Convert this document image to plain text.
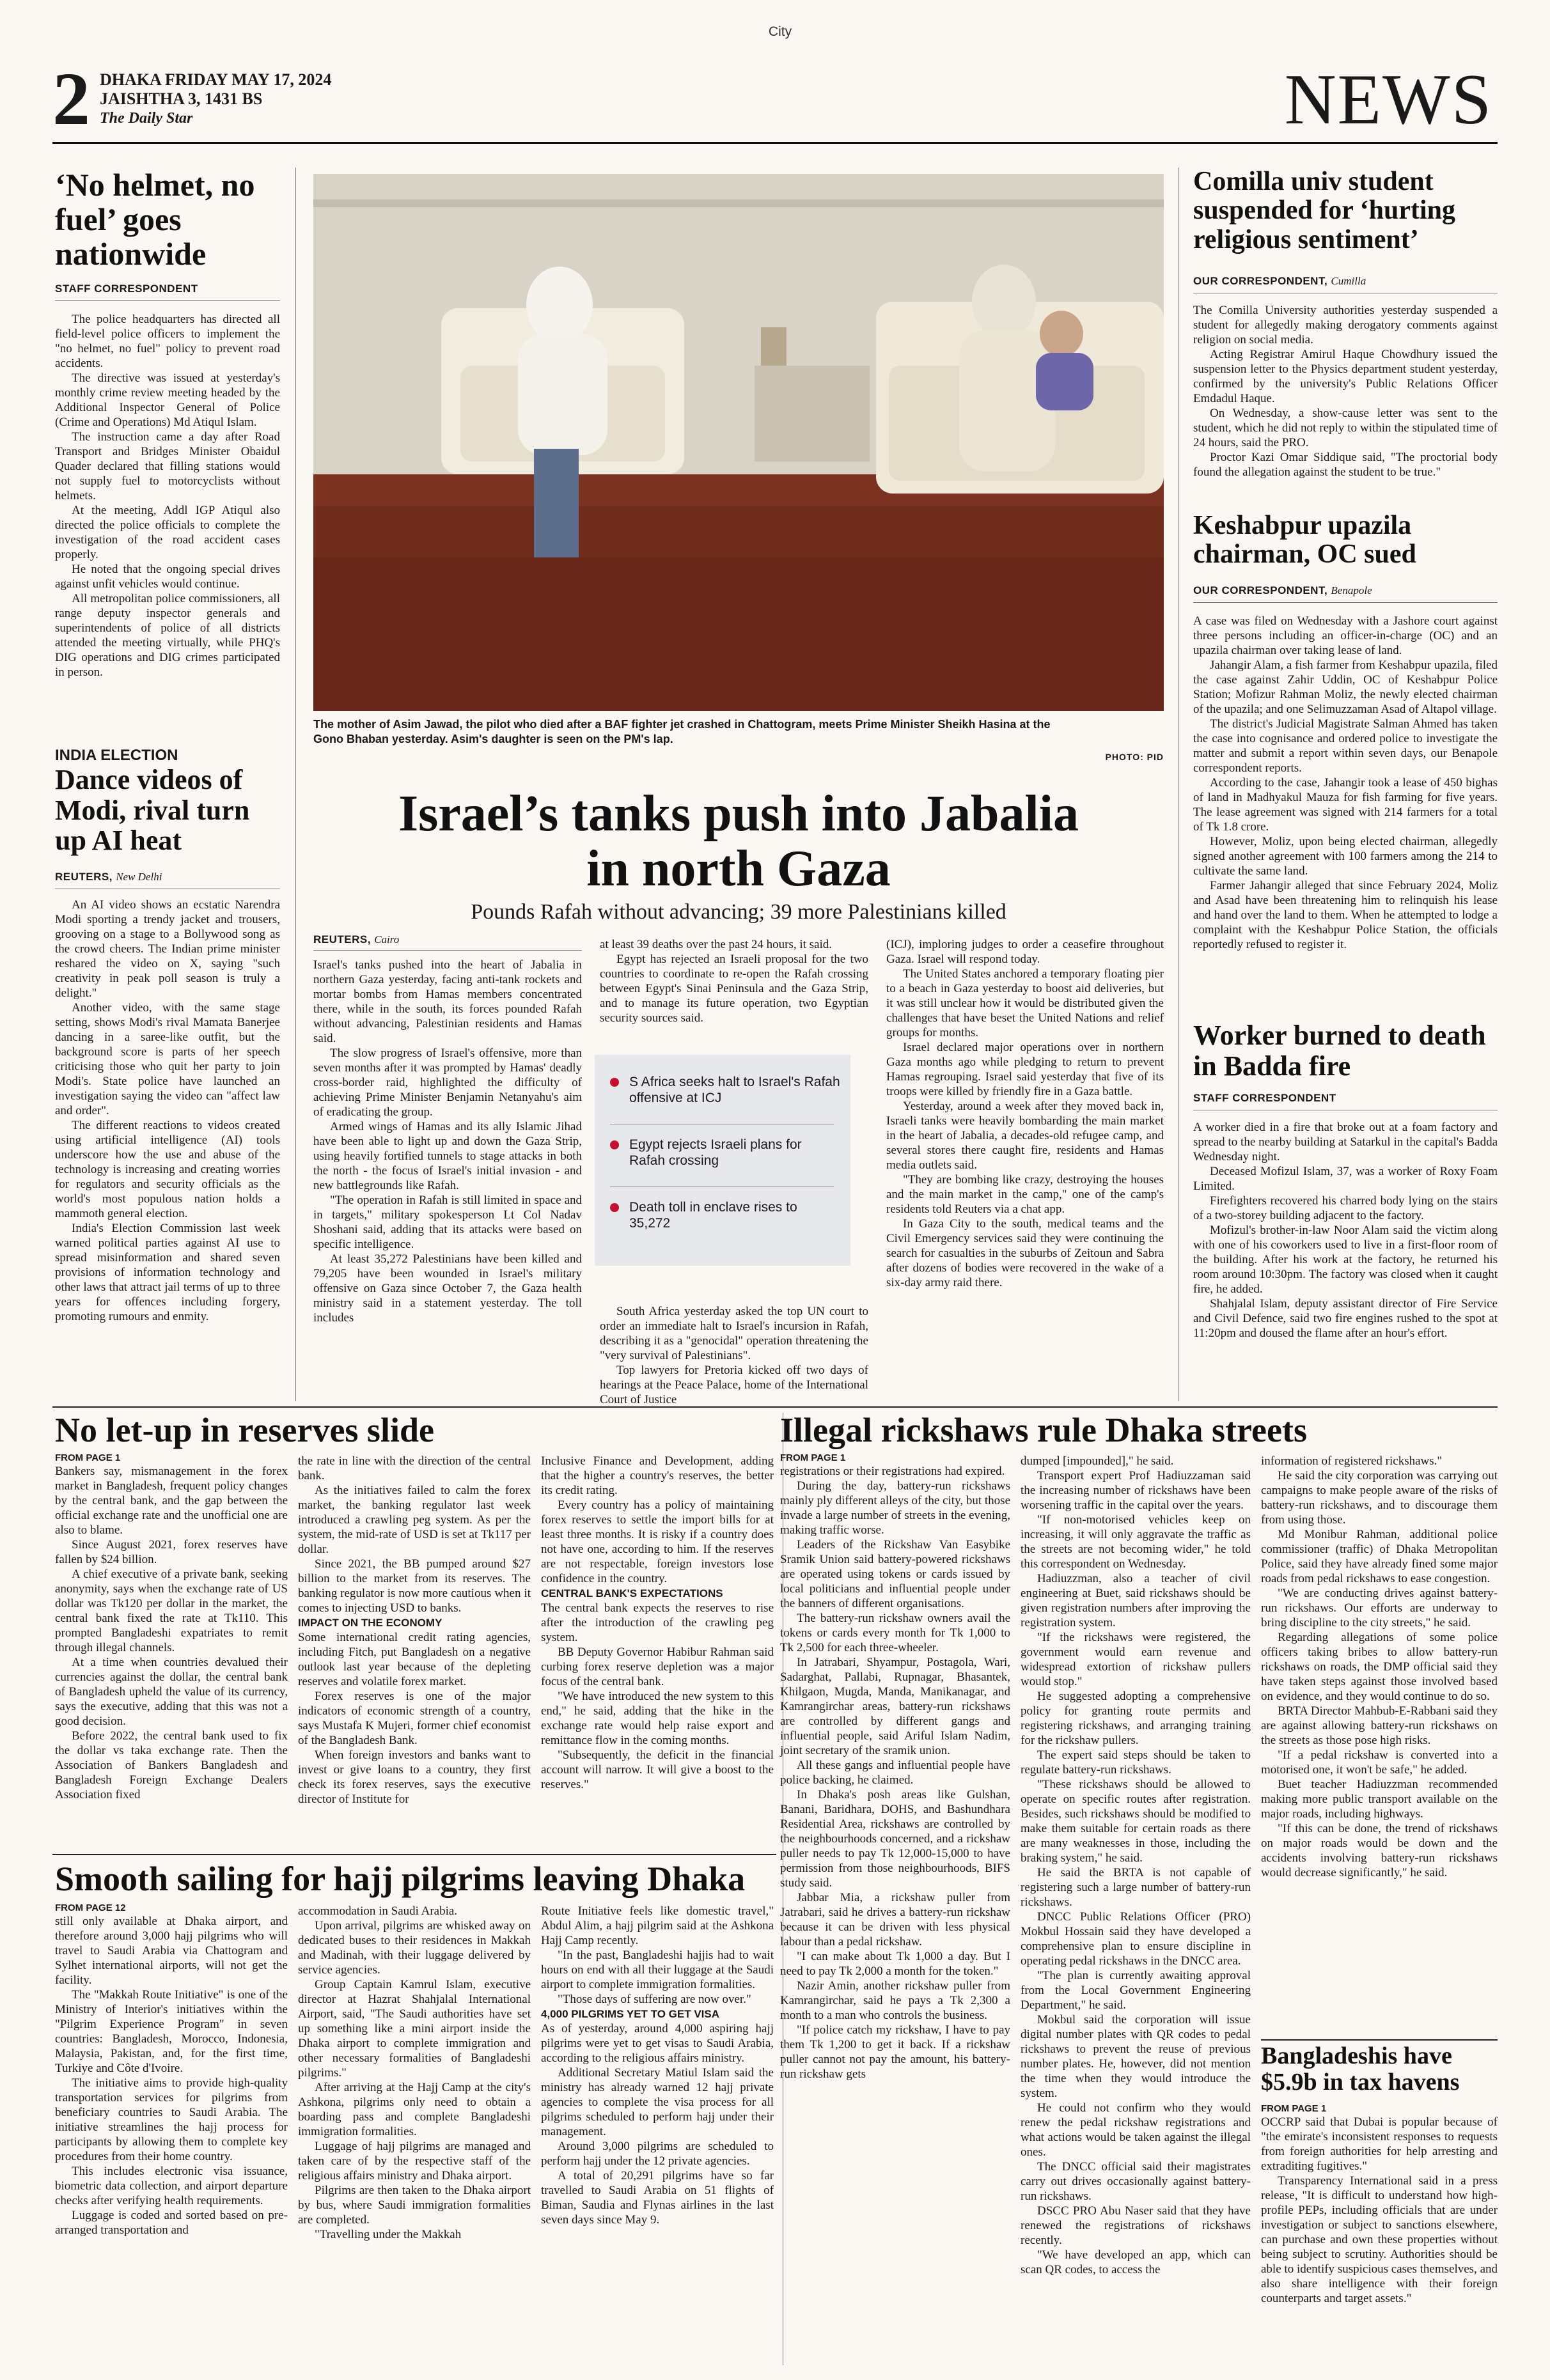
City
2 DHAKA FRIDAY MAY 17, 2024
JAISHTHA 3, 1431 BS
The Daily Star	NEWS
‘No helmet, no fuel’ goes nationwide
STAFF CORRESPONDENT

The police headquarters has directed all field-level police officers to implement the "no helmet, no fuel" policy to prevent road accidents.

The directive was issued at yesterday's monthly crime review meeting headed by the Additional Inspector General of Police (Crime and Operations) Md Atiqul Islam.

The instruction came a day after Road Transport and Bridges Minister Obaidul Quader declared that filling stations would not supply fuel to motorcyclists without helmets.

At the meeting, Addl IGP Atiqul also directed the police officials to complete the investigation of the road accident cases properly.

He noted that the ongoing special drives against unfit vehicles would continue.

All metropolitan police commissioners, all range deputy inspector generals and superintendents of police of all districts attended the meeting virtually, while PHQ's DIG operations and DIG crimes participated in person.

INDIA ELECTION
Dance videos of Modi, rival turn up AI heat
REUTERS, New Delhi

An AI video shows an ecstatic Narendra Modi sporting a trendy jacket and trousers, grooving on a stage to a Bollywood song as the crowd cheers. The Indian prime minister reshared the video on X, saying "such creativity in peak poll season is truly a delight."

Another video, with the same stage setting, shows Modi's rival Mamata Banerjee dancing in a saree-like outfit, but the background score is parts of her speech criticising those who quit her party to join Modi's. State police have launched an investigation saying the video can "affect law and order".

The different reactions to videos created using artificial intelligence (AI) tools underscore how the use and abuse of the technology is increasing and creating worries for regulators and security officials as the world's most populous nation holds a mammoth general election.

India's Election Commission last week warned political parties against AI use to spread misinformation and shared seven provisions of information technology and other laws that attract jail terms of up to three years for offences including forgery, promoting rumours and enmity.

The mother of Asim Jawad, the pilot who died after a BAF fighter jet crashed in Chattogram, meets Prime Minister Sheikh Hasina at the Gono Bhaban yesterday. Asim's daughter is seen on the PM's lap.
PHOTO: PID
Israel’s tanks push into Jabalia in north Gaza
Pounds Rafah without advancing; 39 more Palestinians killed
REUTERS, Cairo

Israel's tanks pushed into the heart of Jabalia in northern Gaza yesterday, facing anti-tank rockets and mortar bombs from Hamas members concentrated there, while in the south, its forces pounded Rafah without advancing, Palestinian residents and Hamas said.

The slow progress of Israel's offensive, more than seven months after it was prompted by Hamas' deadly cross-border raid, highlighted the difficulty of achieving Prime Minister Benjamin Netanyahu's aim of eradicating the group.

Armed wings of Hamas and its ally Islamic Jihad have been able to light up and down the Gaza Strip, using heavily fortified tunnels to stage attacks in both the north - the focus of Israel's initial invasion - and new battlegrounds like Rafah.

"The operation in Rafah is still limited in space and in targets," military spokesperson Lt Col Nadav Shoshani said, adding that its attacks were based on specific intelligence.

At least 35,272 Palestinians have been killed and 79,205 have been wounded in Israel's military offensive on Gaza since October 7, the Gaza health ministry said in a statement yesterday. The toll includes

at least 39 deaths over the past 24 hours, it said.

Egypt has rejected an Israeli proposal for the two countries to coordinate to re-open the Rafah crossing between Egypt's Sinai Peninsula and the Gaza Strip, and to manage its future operation, two Egyptian security sources said.

S Africa seeks halt to Israel's Rafah offensive at ICJ
Egypt rejects Israeli plans for Rafah crossing
Death toll in enclave rises to 35,272

South Africa yesterday asked the top UN court to order an immediate halt to Israel's incursion in Rafah, describing it as a "genocidal" operation threatening the "very survival of Palestinians".

Top lawyers for Pretoria kicked off two days of hearings at the Peace Palace, home of the International Court of Justice

(ICJ), imploring judges to order a ceasefire throughout Gaza. Israel will respond today.

The United States anchored a temporary floating pier to a beach in Gaza yesterday to boost aid deliveries, but it was still unclear how it would be distributed given the challenges that have beset the United Nations and relief groups for months.

Israel declared major operations over in northern Gaza months ago while pledging to return to prevent Hamas regrouping. Israel said yesterday that five of its troops were killed by friendly fire in a Gaza battle.

Yesterday, around a week after they moved back in, Israeli tanks were heavily bombarding the main market in the heart of Jabalia, a decades-old refugee camp, and several stores there caught fire, residents and Hamas media outlets said.

"They are bombing like crazy, destroying the houses and the main market in the camp," one of the camp's residents told Reuters via a chat app.

In Gaza City to the south, medical teams and the Civil Emergency services said they were continuing the search for casualties in the suburbs of Zeitoun and Sabra after dozens of bodies were recovered in the wake of a six-day army raid there.

Comilla univ student suspended for ‘hurting religious sentiment’
OUR CORRESPONDENT, Cumilla

The Comilla University authorities yesterday suspended a student for allegedly making derogatory comments against religion on social media.

Acting Registrar Amirul Haque Chowdhury issued the suspension letter to the Physics department student yesterday, confirmed by the university's Public Relations Officer Emdadul Haque.

On Wednesday, a show-cause letter was sent to the student, which he did not reply to within the stipulated time of 24 hours, said the PRO.

Proctor Kazi Omar Siddique said, "The proctorial body found the allegation against the student to be true."

Keshabpur upazila chairman, OC sued
OUR CORRESPONDENT, Benapole

A case was filed on Wednesday with a Jashore court against three persons including an officer-in-charge (OC) and an upazila chairman over taking lease of land.

Jahangir Alam, a fish farmer from Keshabpur upazila, filed the case against Zahir Uddin, OC of Keshabpur Police Station; Mofizur Rahman Moliz, the newly elected chairman of the upazila; and one Selimuzzaman Asad of Altapol village.

The district's Judicial Magistrate Salman Ahmed has taken the case into cognisance and ordered police to investigate the matter and submit a report within seven days, our Benapole correspondent reports.

According to the case, Jahangir took a lease of 450 bighas of land in Madhyakul Mauza for fish farming for five years. The lease agreement was signed with 214 farmers for a total of Tk 1.8 crore.

However, Moliz, upon being elected chairman, allegedly signed another agreement with 100 farmers among the 214 to cultivate the same land.

Farmer Jahangir alleged that since February 2024, Moliz and Asad have been threatening him to relinquish his lease and hand over the land to them. When he attempted to lodge a complaint with the Keshabpur Police Station, the officials reportedly refused to register it.

Worker burned to death in Badda fire
STAFF CORRESPONDENT

A worker died in a fire that broke out at a foam factory and spread to the nearby building at Satarkul in the capital's Badda Wednesday night.

Deceased Mofizul Islam, 37, was a worker of Roxy Foam Limited.

Firefighters recovered his charred body lying on the stairs of a two-storey building adjacent to the factory.

Mofizul's brother-in-law Noor Alam said the victim along with one of his coworkers used to live in a first-floor room of the building. After his work at the factory, he returned his room around 10:30pm. The factory was closed when it caught fire, he added.

Shahjalal Islam, deputy assistant director of Fire Service and Civil Defence, said two fire engines rushed to the spot at 11:20pm and doused the flame after an hour's effort.

No let-up in reserves slide
FROM PAGE 1

Bankers say, mismanagement in the forex market in Bangladesh, frequent policy changes by the central bank, and the gap between the official exchange rate and the unofficial one are also to blame.

Since August 2021, forex reserves have fallen by $24 billion.

A chief executive of a private bank, seeking anonymity, says when the exchange rate of US dollar was Tk120 per dollar in the market, the central bank fixed the rate at Tk110. This prompted Bangladeshi expatriates to remit through illegal channels.

At a time when countries devalued their currencies against the dollar, the central bank of Bangladesh upheld the value of its currency, says the executive, adding that this was not a good decision.

Before 2022, the central bank used to fix the dollar vs taka exchange rate. Then the Association of Bankers Bangladesh and Bangladesh Foreign Exchange Dealers Association fixed

the rate in line with the direction of the central bank.

As the initiatives failed to calm the forex market, the banking regulator last week introduced a crawling peg system. As per the system, the mid-rate of USD is set at Tk117 per dollar.

Since 2021, the BB pumped around $27 billion to the market from its reserves. The banking regulator is now more cautious when it comes to injecting USD to banks.

IMPACT ON THE ECONOMY

Some international credit rating agencies, including Fitch, put Bangladesh on a negative outlook last year because of the depleting reserves and volatile forex market.

Forex reserves is one of the major indicators of economic strength of a country, says Mustafa K Mujeri, former chief economist of the Bangladesh Bank.

When foreign investors and banks want to invest or give loans to a country, they first check its forex reserves, says the executive director of Institute for

Inclusive Finance and Development, adding that the higher a country's reserves, the better its credit rating.

Every country has a policy of maintaining forex reserves to settle the import bills for at least three months. It is risky if a country does not have one, according to him. If the reserves are not respectable, foreign investors lose confidence in the country.

CENTRAL BANK'S EXPECTATIONS

The central bank expects the reserves to rise after the introduction of the crawling peg system.

BB Deputy Governor Habibur Rahman said curbing forex reserve depletion was a major focus of the central bank.

"We have introduced the new system to this end," he said, adding that the hike in the exchange rate would help raise export and remittance flow in the coming months.

"Subsequently, the deficit in the financial account will narrow. It will give a boost to the reserves."

Smooth sailing for hajj pilgrims leaving Dhaka
FROM PAGE 12

still only available at Dhaka airport, and therefore around 3,000 hajj pilgrims who will travel to Saudi Arabia via Chattogram and Sylhet international airports, will not get the facility.

The "Makkah Route Initiative" is one of the Ministry of Interior's initiatives within the "Pilgrim Experience Program" in seven countries: Bangladesh, Morocco, Indonesia, Malaysia, Pakistan, and, for the first time, Turkiye and Côte d'Ivoire.

The initiative aims to provide high-quality transportation services for pilgrims from beneficiary countries to Saudi Arabia. The initiative streamlines the hajj process for participants by allowing them to complete key procedures from their home country.

This includes electronic visa issuance, biometric data collection, and airport departure checks after verifying health requirements.

Luggage is coded and sorted based on pre-arranged transportation and

accommodation in Saudi Arabia.

Upon arrival, pilgrims are whisked away on dedicated buses to their residences in Makkah and Madinah, with their luggage delivered by service agencies.

Group Captain Kamrul Islam, executive director at Hazrat Shahjalal International Airport, said, "The Saudi authorities have set up something like a mini airport inside the Dhaka airport to complete immigration and other necessary formalities of Bangladeshi pilgrims."

After arriving at the Hajj Camp at the city's Ashkona, pilgrims only need to obtain a boarding pass and complete Bangladeshi immigration formalities.

Luggage of hajj pilgrims are managed and taken care of by the respective staff of the religious affairs ministry and Dhaka airport.

Pilgrims are then taken to the Dhaka airport by bus, where Saudi immigration formalities are completed.

"Travelling under the Makkah

Route Initiative feels like domestic travel," Abdul Alim, a hajj pilgrim said at the Ashkona Hajj Camp recently.

"In the past, Bangladeshi hajjis had to wait hours on end with all their luggage at the Saudi airport to complete immigration formalities.

"Those days of suffering are now over."

4,000 PILGRIMS YET TO GET VISA

As of yesterday, around 4,000 aspiring hajj pilgrims were yet to get visas to Saudi Arabia, according to the religious affairs ministry.

Additional Secretary Matiul Islam said the ministry has already warned 12 hajj private agencies to complete the visa process for all pilgrims scheduled to perform hajj under their management.

Around 3,000 pilgrims are scheduled to perform hajj under the 12 private agencies.

A total of 20,291 pilgrims have so far travelled to Saudi Arabia on 51 flights of Biman, Saudia and Flynas airlines in the last seven days since May 9.

Illegal rickshaws rule Dhaka streets
FROM PAGE 1

registrations or their registrations had expired.

During the day, battery-run rickshaws mainly ply different alleys of the city, but those invade a large number of streets in the evening, making traffic worse.

Leaders of the Rickshaw Van Easybike Sramik Union said battery-powered rickshaws are operated using tokens or cards issued by local politicians and influential people under the banners of different organisations.

The battery-run rickshaw owners avail the tokens or cards every month for Tk 1,000 to Tk 2,500 for each three-wheeler.

In Jatrabari, Shyampur, Postagola, Wari, Sadarghat, Pallabi, Rupnagar, Bhasantek, Khilgaon, Mugda, Manda, Manikanagar, and Kamrangirchar areas, battery-run rickshaws are controlled by different gangs and influential people, said Ariful Islam Nadim, joint secretary of the sramik union.

All these gangs and influential people have police backing, he claimed.

In Dhaka's posh areas like Gulshan, Banani, Baridhara, DOHS, and Bashundhara Residential Area, rickshaws are controlled by the neighbourhoods concerned, and a rickshaw puller needs to pay Tk 12,000-15,000 to have permission from those neighbourhoods, BIFS study said.

Jabbar Mia, a rickshaw puller from Jatrabari, said he drives a battery-run rickshaw because it can be driven with less physical labour than a pedal rickshaw.

"I can make about Tk 1,000 a day. But I need to pay Tk 2,000 a month for the token."

Nazir Amin, another rickshaw puller from Kamrangirchar, said he pays a Tk 2,300 a month to a man who controls the business.

"If police catch my rickshaw, I have to pay them Tk 1,200 to get it back. If a rickshaw puller cannot not pay the amount, his battery-run rickshaw gets

dumped [impounded]," he said.

Transport expert Prof Hadiuzzaman said the increasing number of rickshaws have been worsening traffic in the capital over the years.

"If non-motorised vehicles keep on increasing, it will only aggravate the traffic as the streets are not becoming wider," he told this correspondent on Wednesday.

Hadiuzzman, also a teacher of civil engineering at Buet, said rickshaws should be given registration numbers after improving the registration system.

"If the rickshaws were registered, the government would earn revenue and widespread extortion of rickshaw pullers would stop."

He suggested adopting a comprehensive policy for granting route permits and registering rickshaws, and arranging training for the rickshaw pullers.

The expert said steps should be taken to regulate battery-run rickshaws.

"These rickshaws should be allowed to operate on specific routes after registration. Besides, such rickshaws should be modified to make them suitable for certain roads as there are many weaknesses in those, including the braking system," he said.

He said the BRTA is not capable of registering such a large number of battery-run rickshaws.

DNCC Public Relations Officer (PRO) Mokbul Hossain said they have developed a comprehensive plan to ensure discipline in operating pedal rickshaws in the DNCC area.

"The plan is currently awaiting approval from the Local Government Engineering Department," he said.

Mokbul said the corporation will issue digital number plates with QR codes to pedal rickshaws to prevent the reuse of previous number plates. He, however, did not mention the time when they would introduce the system.

He could not confirm who they would renew the pedal rickshaw registrations and what actions would be taken against the illegal ones.

The DNCC official said their magistrates carry out drives occasionally against battery-run rickshaws.

DSCC PRO Abu Naser said that they have renewed the registrations of rickshaws recently.

"We have developed an app, which can scan QR codes, to access the

information of registered rickshaws."

He said the city corporation was carrying out campaigns to make people aware of the risks of battery-run rickshaws, and to discourage them from using those.

Md Monibur Rahman, additional police commissioner (traffic) of Dhaka Metropolitan Police, said they have already fined some major roads from pedal rickshaws to ease congestion.

"We are conducting drives against battery-run rickshaws. Our efforts are underway to bring discipline to the city streets," he said.

Regarding allegations of some police officers taking bribes to allow battery-run rickshaws on roads, the DMP official said they have taken steps against those involved based on evidence, and they would continue to do so.

BRTA Director Mahbub-E-Rabbani said they are against allowing battery-run rickshaws on the streets as those pose high risks.

"If a pedal rickshaw is converted into a motorised one, it won't be safe," he added.

Buet teacher Hadiuzzman recommended making more public transport available on the major roads, including highways.

"If this can be done, the trend of rickshaws on major roads would be down and the accidents involving battery-run rickshaws would decrease significantly," he said.

Bangladeshis have $5.9b in tax havens
FROM PAGE 1

OCCRP said that Dubai is popular because of "the emirate's inconsistent responses to requests from foreign authorities for help arresting and extraditing fugitives."

Transparency International said in a press release, "It is difficult to understand how high-profile PEPs, including officials that are under investigation or subject to sanctions elsewhere, can purchase and own these properties without being subject to scrutiny. Authorities should be able to identify suspicious cases themselves, and also share intelligence with their foreign counterparts and target assets."
